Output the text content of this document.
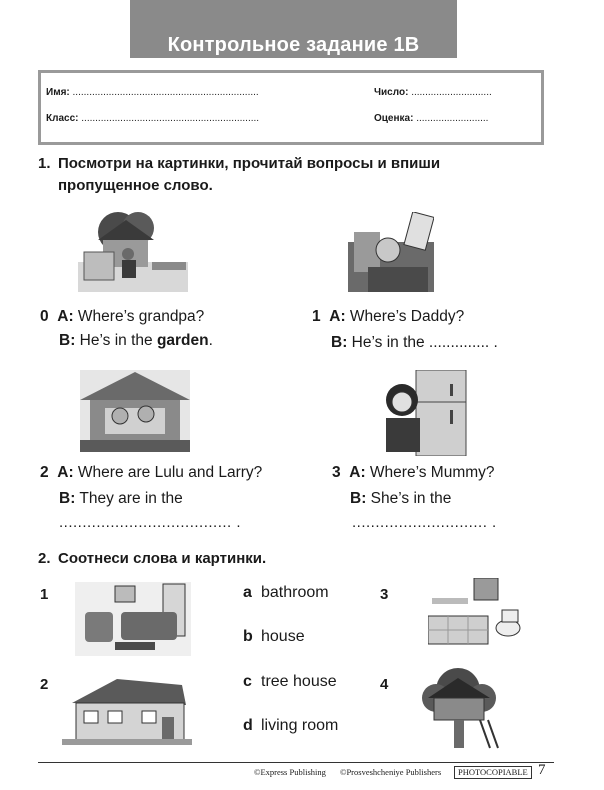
Контрольное задание 1В
Имя: ...................................................................	Число: .............................
Класс: ................................................................	Оценка: ..........................
1. Посмотри на картинки, прочитай вопросы и впиши
пропущенное слово.
0 A: Where’s grandpa?
B: He’s in the garden.
1 A: Where’s Daddy?
B: He’s in the .............. .
2 A: Where are Lulu and Larry?
B: They are in the
..................................... .
3 A: Where’s Mummy?
B: She’s in the
............................. .
2. Соотнеси слова и картинки.
1
2
3
4
a bathroom
b house
c tree house
d living room
©Express Publishing ©Prosveshcheniye Publishers	PHOTOCOPIABLE 7
